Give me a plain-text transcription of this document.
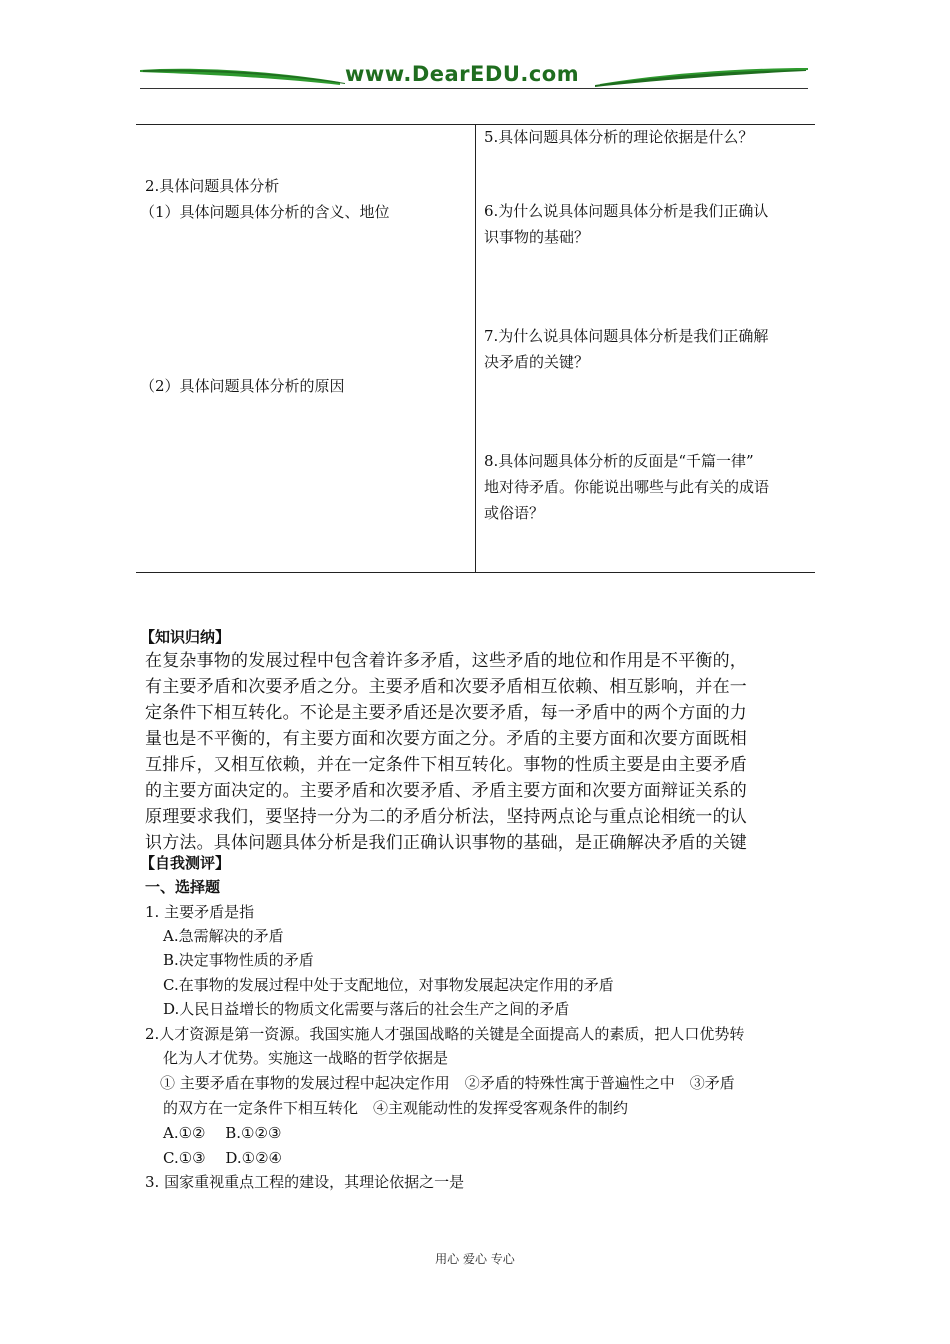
www.DearEDU.com
2.具体问题具体分析
（1）具体问题具体分析的含义、地位
（2）具体问题具体分析的原因
5.具体问题具体分析的理论依据是什么？
6.为什么说具体问题具体分析是我们正确认
识事物的基础？
7.为什么说具体问题具体分析是我们正确解
决矛盾的关键？
8.具体问题具体分析的反面是“千篇一律”
地对待矛盾。你能说出哪些与此有关的成语
或俗语？
【知识归纳】
在复杂事物的发展过程中包含着许多矛盾，这些矛盾的地位和作用是不平衡的，
有主要矛盾和次要矛盾之分。主要矛盾和次要矛盾相互依赖、相互影响，并在一
定条件下相互转化。不论是主要矛盾还是次要矛盾，每一矛盾中的两个方面的力
量也是不平衡的，有主要方面和次要方面之分。矛盾的主要方面和次要方面既相
互排斥，又相互依赖，并在一定条件下相互转化。事物的性质主要是由主要矛盾
的主要方面决定的。主要矛盾和次要矛盾、矛盾主要方面和次要方面辩证关系的
原理要求我们，要坚持一分为二的矛盾分析法，坚持两点论与重点论相统一的认
识方法。具体问题具体分析是我们正确认识事物的基础，是正确解决矛盾的关键
【自我测评】
一、选择题
1. 主要矛盾是指
A.急需解决的矛盾
B.决定事物性质的矛盾
C.在事物的发展过程中处于支配地位，对事物发展起决定作用的矛盾
D.人民日益增长的物质文化需要与落后的社会生产之间的矛盾
2.人才资源是第一资源。我国实施人才强国战略的关键是全面提高人的素质，把人口优势转
化为人才优势。实施这一战略的哲学依据是
① 主要矛盾在事物的发展过程中起决定作用　②矛盾的特殊性寓于普遍性之中　③矛盾
的双方在一定条件下相互转化　④主观能动性的发挥受客观条件的制约
A.①②　 B.①②③
C.①③　 D.①②④
3. 国家重视重点工程的建设，其理论依据之一是
用心 爱心 专心
